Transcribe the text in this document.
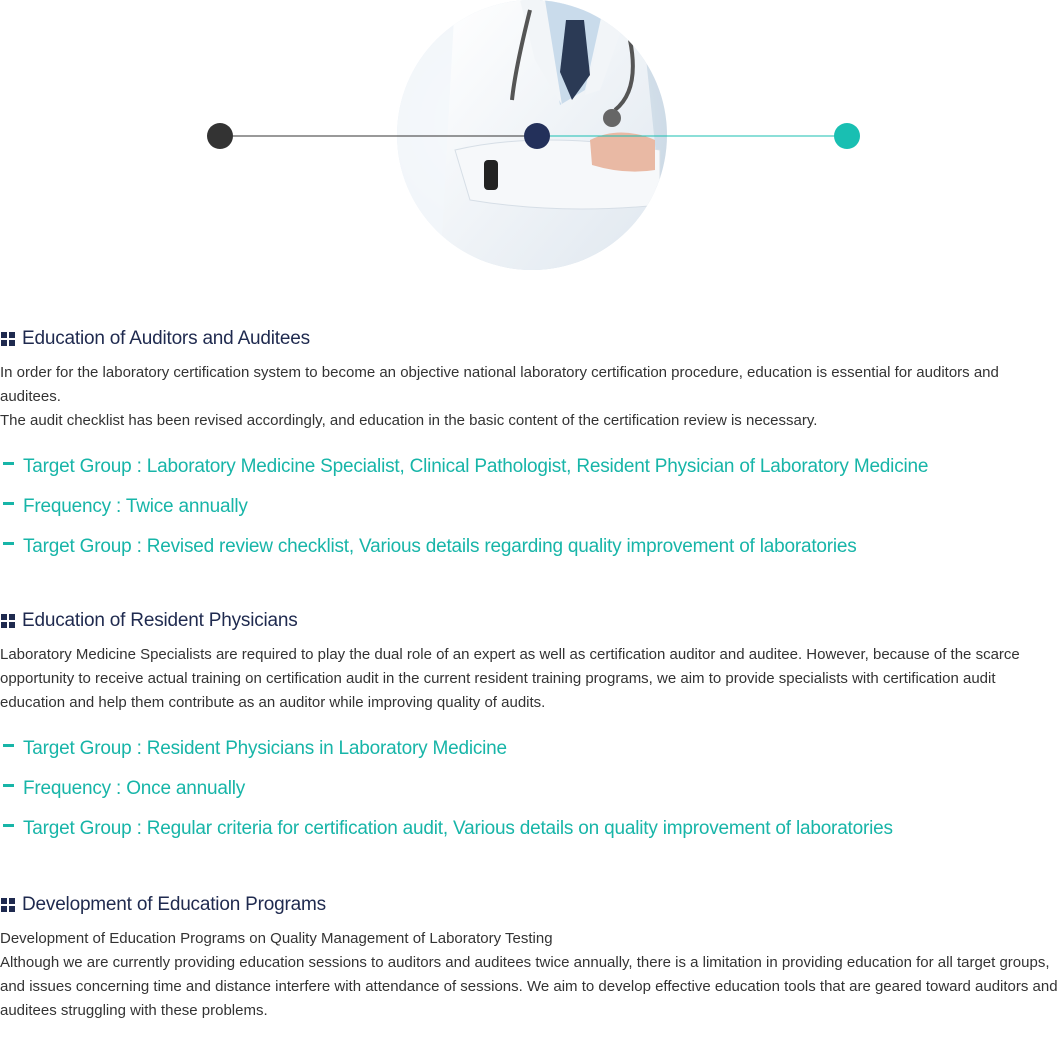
Education of Auditors and Auditees

In order for the laboratory certification system to become an objective national laboratory certification procedure, education is essential for auditors and auditees.

The audit checklist has been revised accordingly, and education in the basic content of the certification review is necessary.

Target Group : Laboratory Medicine Specialist, Clinical Pathologist, Resident Physician of Laboratory Medicine
Frequency : Twice annually
Target Group : Revised review checklist, Various details regarding quality improvement of laboratories
Education of Resident Physicians

Laboratory Medicine Specialists are required to play the dual role of an expert as well as certification auditor and auditee. However, because of the scarce opportunity to receive actual training on certification audit in the current resident training programs, we aim to provide specialists with certification audit education and help them contribute as an auditor while improving quality of audits.

Target Group : Resident Physicians in Laboratory Medicine
Frequency : Once annually
Target Group : Regular criteria for certification audit, Various details on quality improvement of laboratories
Development of Education Programs

Development of Education Programs on Quality Management of Laboratory Testing

Although we are currently providing education sessions to auditors and auditees twice annually, there is a limitation in providing education for all target groups, and issues concerning time and distance interfere with attendance of sessions. We aim to develop effective education tools that are geared toward auditors and auditees struggling with these problems.
